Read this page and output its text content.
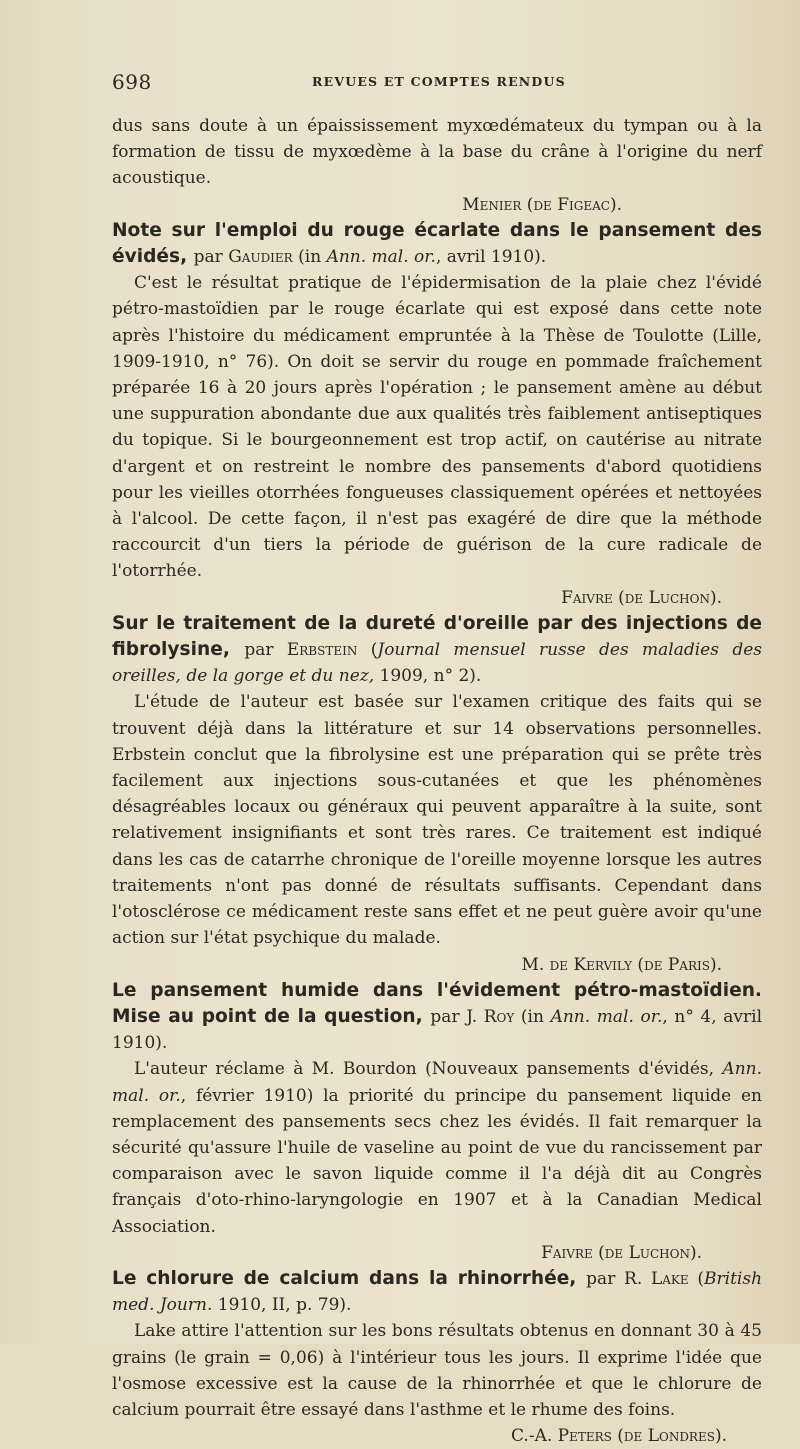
698	REVUES ET COMPTES RENDUS

dus sans doute à un épaississement myxœdémateux du tympan ou à la formation de tissu de myxœdème à la base du crâne à l'origine du nerf acoustique.

Menier (de Figeac).

Note sur l'emploi du rouge écarlate dans le pansement des évidés, par Gaudier (in Ann. mal. or., avril 1910).

C'est le résultat pratique de l'épidermisation de la plaie chez l'évidé pétro-mastoïdien par le rouge écarlate qui est exposé dans cette note après l'histoire du médicament empruntée à la Thèse de Toulotte (Lille, 1909-1910, n° 76). On doit se servir du rouge en pommade fraîchement préparée 16 à 20 jours après l'opération ; le pansement amène au début une suppuration abondante due aux qualités très faiblement antiseptiques du topique. Si le bourgeonnement est trop actif, on cautérise au nitrate d'argent et on restreint le nombre des pansements d'abord quotidiens pour les vieilles otorrhées fongueuses classiquement opérées et nettoyées à l'alcool. De cette façon, il n'est pas exagéré de dire que la méthode raccourcit d'un tiers la période de guérison de la cure radicale de l'otorrhée.

Faivre (de Luchon).

Sur le traitement de la dureté d'oreille par des injections de fibrolysine, par Erbstein (Journal mensuel russe des maladies des oreilles, de la gorge et du nez, 1909, n° 2).

L'étude de l'auteur est basée sur l'examen critique des faits qui se trouvent déjà dans la littérature et sur 14 observations personnelles. Erbstein conclut que la fibrolysine est une préparation qui se prête très facilement aux injections sous-cutanées et que les phénomènes désagréables locaux ou généraux qui peuvent apparaître à la suite, sont relativement insignifiants et sont très rares. Ce traitement est indiqué dans les cas de catarrhe chronique de l'oreille moyenne lorsque les autres traitements n'ont pas donné de résultats suffisants. Cependant dans l'otosclérose ce médicament reste sans effet et ne peut guère avoir qu'une action sur l'état psychique du malade.

M. de Kervily (de Paris).

Le pansement humide dans l'évidement pétro-mastoïdien. Mise au point de la question, par J. Roy (in Ann. mal. or., n° 4, avril 1910).

L'auteur réclame à M. Bourdon (Nouveaux pansements d'évidés, Ann. mal. or., février 1910) la priorité du principe du pansement liquide en remplacement des pansements secs chez les évidés. Il fait remarquer la sécurité qu'assure l'huile de vaseline au point de vue du rancissement par comparaison avec le savon liquide comme il l'a déjà dit au Congrès français d'oto-rhino-laryngologie en 1907 et à la Canadian Medical Association.

Faivre (de Luchon).

Le chlorure de calcium dans la rhinorrhée, par R. Lake (British med. Journ. 1910, II, p. 79).

Lake attire l'attention sur les bons résultats obtenus en donnant 30 à 45 grains (le grain = 0,06) à l'intérieur tous les jours. Il exprime l'idée que l'osmose excessive est la cause de la rhinorrhée et que le chlorure de calcium pourrait être essayé dans l'asthme et le rhume des foins.

C.-A. Peters (de Londres).
